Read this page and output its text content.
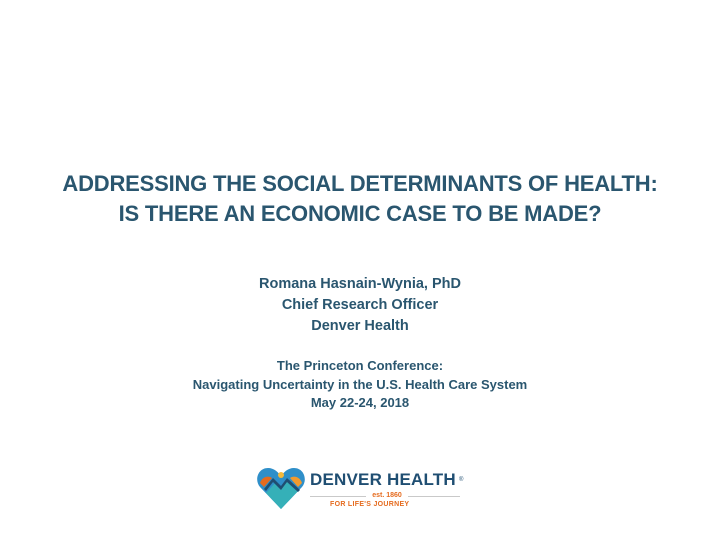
ADDRESSING THE SOCIAL DETERMINANTS OF HEALTH:
IS THERE AN ECONOMIC CASE TO BE MADE?
Romana Hasnain-Wynia, PhD
Chief Research Officer
Denver Health
The Princeton Conference:
Navigating Uncertainty in the U.S. Health Care System
May 22-24, 2018
DENVER HEALTH ®
est. 1860
FOR LIFE'S JOURNEY
